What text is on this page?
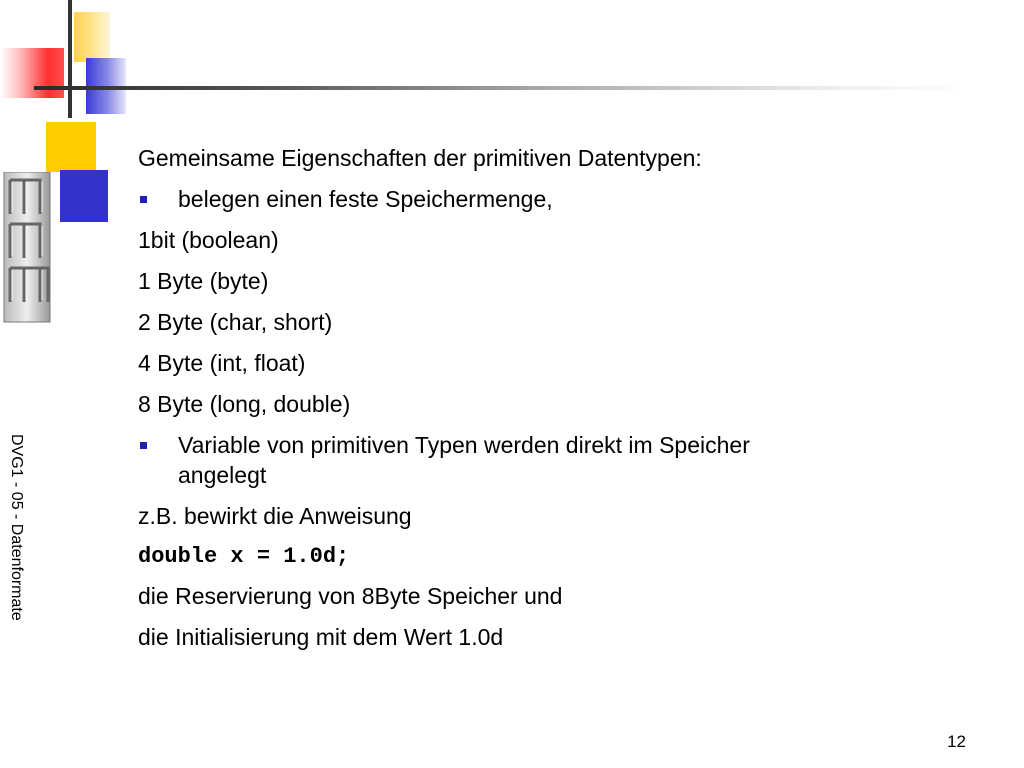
DVG1 - 05 - Datenformate
Gemeinsame Eigenschaften der primitiven Datentypen:
belegen einen feste Speichermenge,
1bit (boolean)
1 Byte (byte)
2 Byte (char, short)
4 Byte (int, float)
8 Byte (long, double)
Variable von primitiven Typen werden direkt im Speicher
angelegt
z.B. bewirkt die Anweisung
double x = 1.0d;
die Reservierung von 8Byte Speicher und
die Initialisierung mit dem Wert 1.0d
12
